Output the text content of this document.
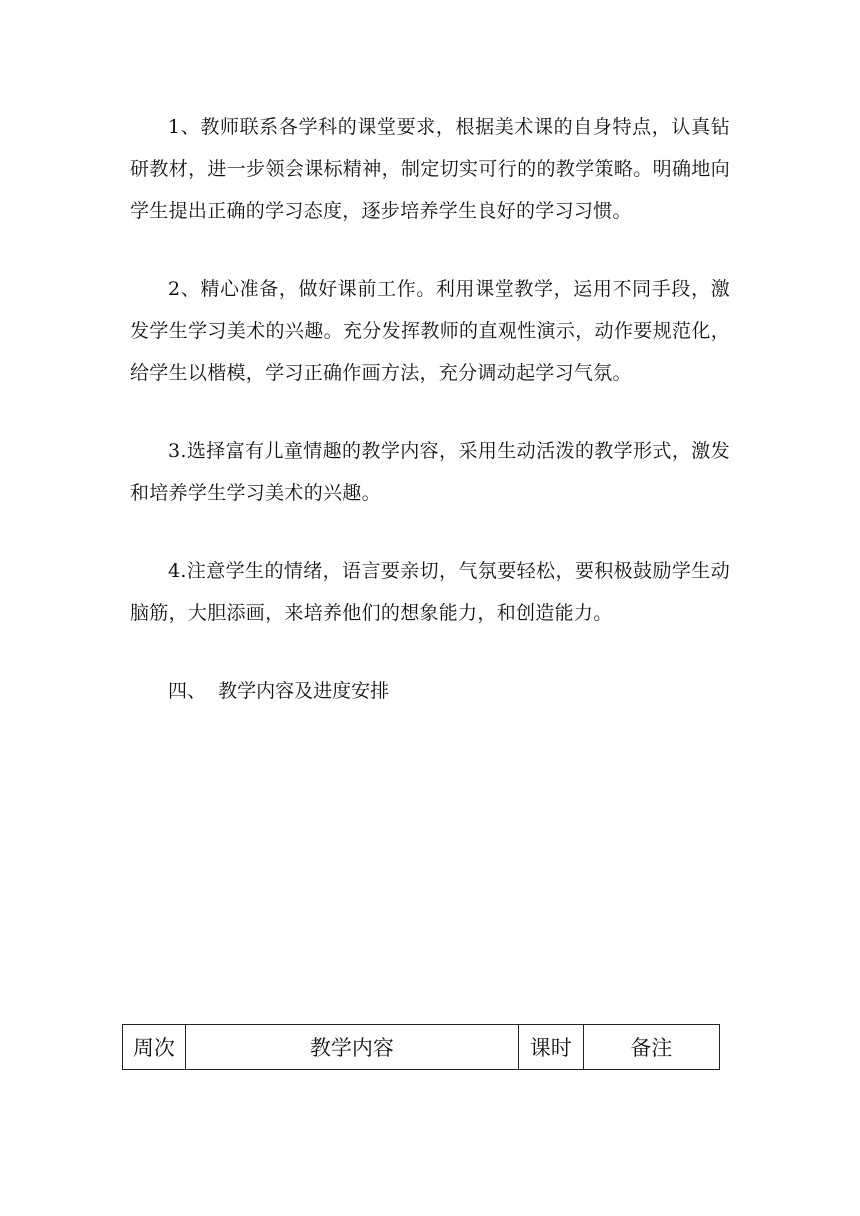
1、教师联系各学科的课堂要求，根据美术课的自身特点，认真钻研教材，进一步领会课标精神，制定切实可行的的教学策略。明确地向学生提出正确的学习态度，逐步培养学生良好的学习习惯。

2、精心准备，做好课前工作。利用课堂教学，运用不同手段，激发学生学习美术的兴趣。充分发挥教师的直观性演示，动作要规范化，给学生以楷模，学习正确作画方法，充分调动起学习气氛。

3.选择富有儿童情趣的教学内容，采用生动活泼的教学形式，激发和培养学生学习美术的兴趣。

4.注意学生的情绪，语言要亲切，气氛要轻松，要积极鼓励学生动脑筋，大胆添画，来培养他们的想象能力，和创造能力。

四、  教学内容及进度安排
周次	教学内容	课时	备注
